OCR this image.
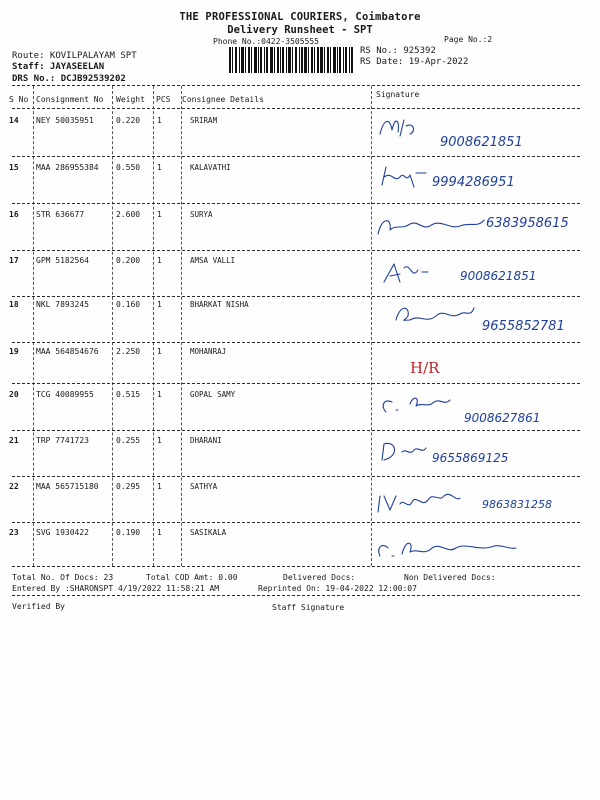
THE PROFESSIONAL COURIERS, Coimbatore
Delivery Runsheet - SPT
Phone No.:0422-3505555	Page No.:2
RS No.: 925392
RS Date: 19-Apr-2022
Route: KOVILPALAYAM SPT
Staff: JAYASEELAN
DRS No.: DCJB92539202
S No Consignment No Weight PCS Consignee Details
Signature
14 NEY 50035951	0.220 1	SRIRAM
9008621851
15 MAA 286955384 0.550 1	KALAVATHI
9994286951
16 STR 636677	2.600 1	SURYA
6383958615
17 GPM 5182564	0.200 1	AMSA VALLI
9008621851
18 NKL 7893245	0.160 1	BHARKAT NISHA
9655852781
19 MAA 564854676 2.250 1	MOHANRAJ
H/R
20 TCG 40089955	0.515 1	GOPAL SAMY
9008627861
21 TRP 7741723	0.255 1	DHARANI
9655869125
22 MAA 565715180 0.295 1	SATHYA
9863831258
23 SVG 1930422	0.190 1	SASIKALA
Total No. Of Docs: 23	Total COD Amt: 0.00	Delivered Docs:	Non Delivered Docs:
Entered By :SHARONSPT 4/19/2022 11:58:21 AM	Reprinted On: 19-04-2022 12:00:07
Verified By	Staff Signature
